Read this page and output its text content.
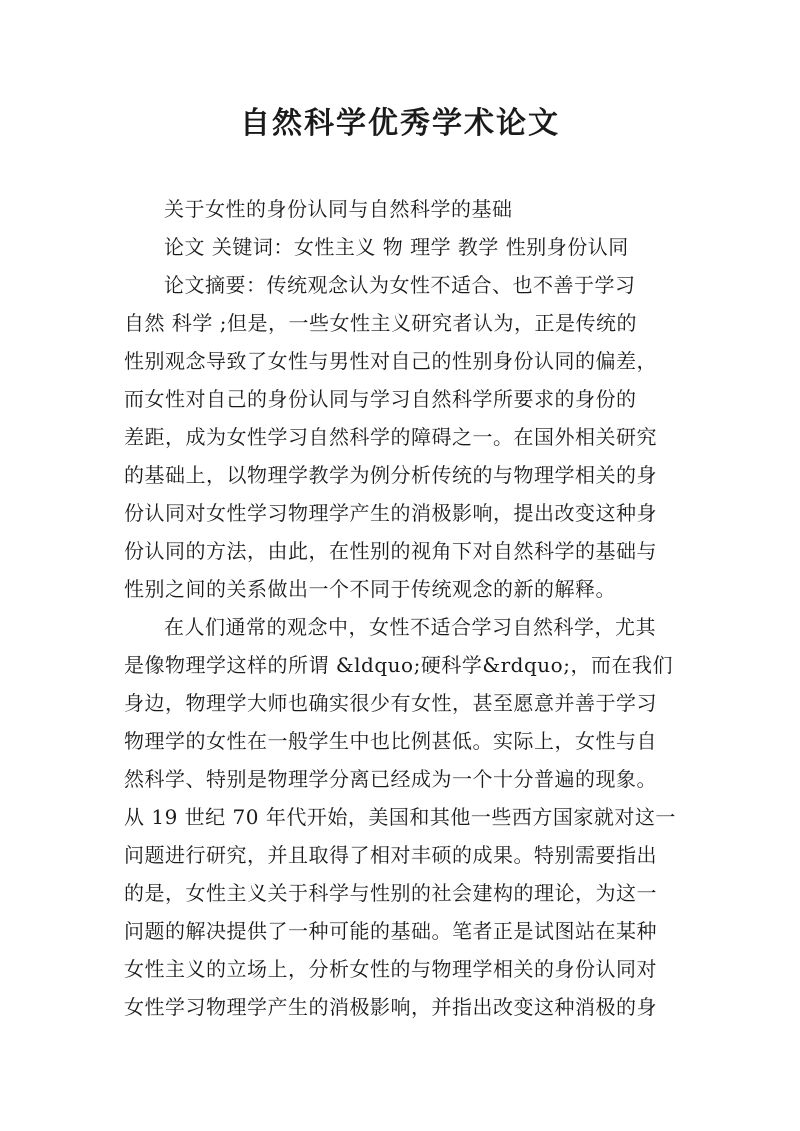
自然科学优秀学术论文
关于女性的身份认同与自然科学的基础
论文 关键词：女性主义 物 理学 教学 性别身份认同
论文摘要：传统观念认为女性不适合、也不善于学习
自然 科学 ;但是，一些女性主义研究者认为，正是传统的
性别观念导致了女性与男性对自己的性别身份认同的偏差，
而女性对自己的身份认同与学习自然科学所要求的身份的
差距，成为女性学习自然科学的障碍之一。在国外相关研究
的基础上，以物理学教学为例分析传统的与物理学相关的身
份认同对女性学习物理学产生的消极影响，提出改变这种身
份认同的方法，由此，在性别的视角下对自然科学的基础与
性别之间的关系做出一个不同于传统观念的新的解释。
在人们通常的观念中，女性不适合学习自然科学，尤其
是像物理学这样的所谓 &ldquo;硬科学&rdquo;，而在我们
身边，物理学大师也确实很少有女性，甚至愿意并善于学习
物理学的女性在一般学生中也比例甚低。实际上，女性与自
然科学、特别是物理学分离已经成为一个十分普遍的现象。
从 19 世纪 70 年代开始，美国和其他一些西方国家就对这一
问题进行研究，并且取得了相对丰硕的成果。特别需要指出
的是，女性主义关于科学与性别的社会建构的理论，为这一
问题的解决提供了一种可能的基础。笔者正是试图站在某种
女性主义的立场上，分析女性的与物理学相关的身份认同对
女性学习物理学产生的消极影响，并指出改变这种消极的身
